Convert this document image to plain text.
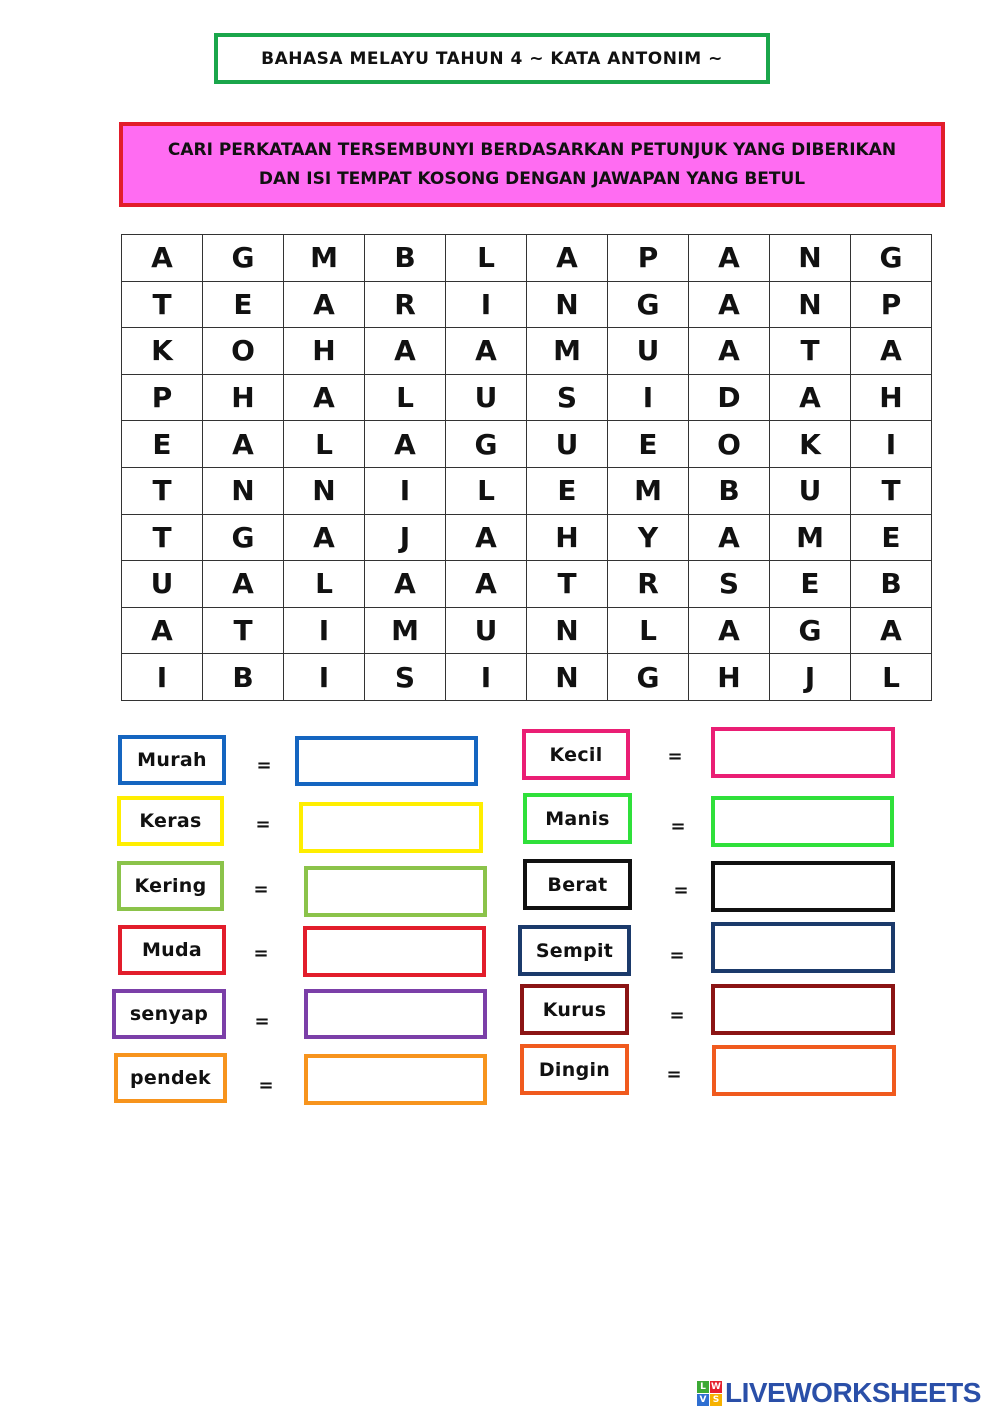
BAHASA MELAYU TAHUN 4 ~ KATA ANTONIM ~
CARI PERKATAAN TERSEMBUNYI BERDASARKAN PETUNJUK YANG DIBERIKAN
DAN ISI TEMPAT KOSONG DENGAN JAWAPAN YANG BETUL
A	G	M	B	L	A	P	A	N	G
T	E	A	R	I	N	G	A	N	P
K	O	H	A	A	M	U	A	T	A
P	H	A	L	U	S	I	D	A	H
E	A	L	A	G	U	E	O	K	I
T	N	N	I	L	E	M	B	U	T
T	G	A	J	A	H	Y	A	M	E
U	A	L	A	A	T	R	S	E	B
A	T	I	M	U	N	L	A	G	A
I	B	I	S	I	N	G	H	J	L
Murah	=
Keras	=
Kering	=
Muda	=
senyap	=
pendek	=
Kecil	=
Manis	=
Berat	=
Sempit	=
Kurus	=
Dingin	=
L W
V S LIVEWORKSHEETS
